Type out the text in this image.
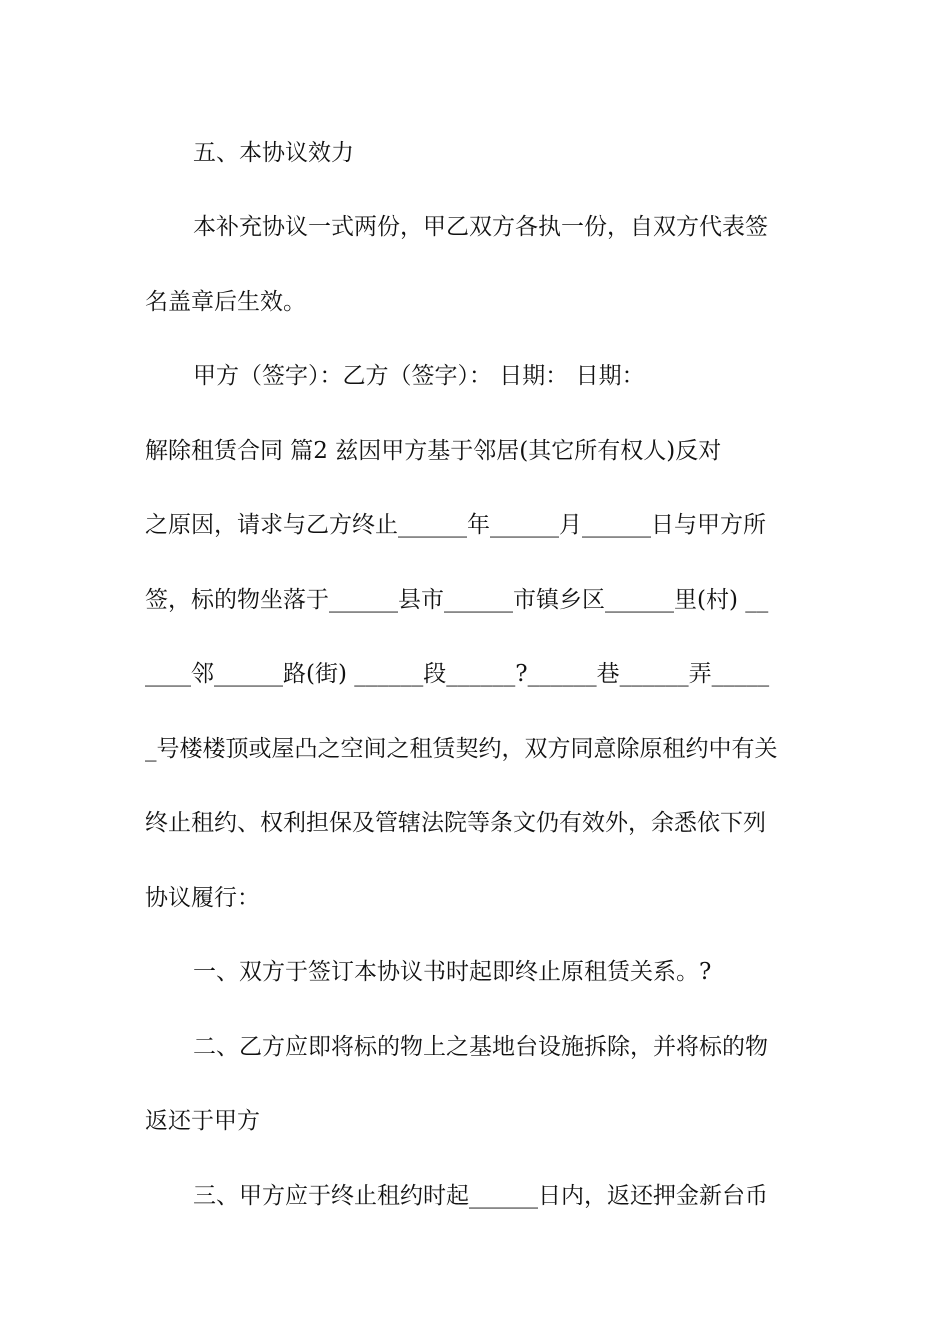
五、本协议效力
本补充协议一式两份，甲乙双方各执一份，自双方代表签
名盖章后生效。
甲方（签字）：乙方（签字）： 日期： 日期：
解除租赁合同 篇2 兹因甲方基于邻居(其它所有权人)反对
之原因，请求与乙方终止______年______月______日与甲方所
签，标的物坐落于______县市______市镇乡区______里(村) __
____邻______路(街) ______段______?______巷______弄_____
_号楼楼顶或屋凸之空间之租赁契约，双方同意除原租约中有关
终止租约、权利担保及管辖法院等条文仍有效外，余悉依下列
协议履行：
一、双方于签订本协议书时起即终止原租赁关系。?
二、乙方应即将标的物上之基地台设施拆除，并将标的物
返还于甲方
三、甲方应于终止租约时起______日内，返还押金新台币
